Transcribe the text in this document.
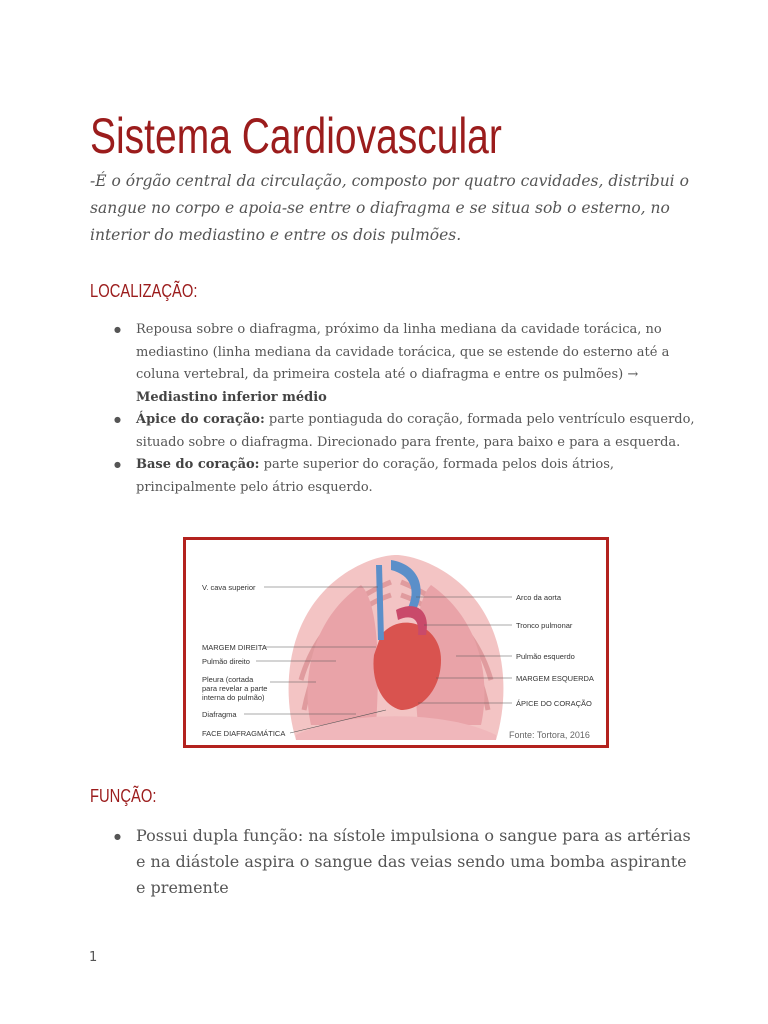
Sistema Cardiovascular

-É o órgão central da circulação, composto por quatro cavidades, distribui o sangue no corpo e apoia-se entre o diafragma e se situa sob o esterno, no interior do mediastino e entre os dois pulmões.

LOCALIZAÇÃO:
● Repousa sobre o diafragma, próximo da linha mediana da cavidade torácica, no mediastino (linha mediana da cavidade torácica, que se estende do esterno até a coluna vertebral, da primeira costela até o diafragma e entre os pulmões) →
Mediastino inferior médio
● Ápice do coração: parte pontiaguda do coração, formada pelo ventrículo esquerdo, situado sobre o diafragma. Direcionado para frente, para baixo e para a esquerda.
● Base do coração: parte superior do coração, formada pelos dois átrios, principalmente pelo átrio esquerdo.
V. cava superior
MARGEM DIREITA
Pulmão direito
Pleura (cortada
para revelar a parte
interna do pulmão)
Diafragma
FACE DIAFRAGMÁTICA
Arco da aorta
Tronco pulmonar
Pulmão esquerdo
MARGEM ESQUERDA
ÁPICE DO CORAÇÃO
Fonte: Tortora, 2016
FUNÇÃO:
● Possui dupla função: na sístole impulsiona o sangue para as artérias e na diástole aspira o sangue das veias sendo uma bomba aspirante e premente
1
